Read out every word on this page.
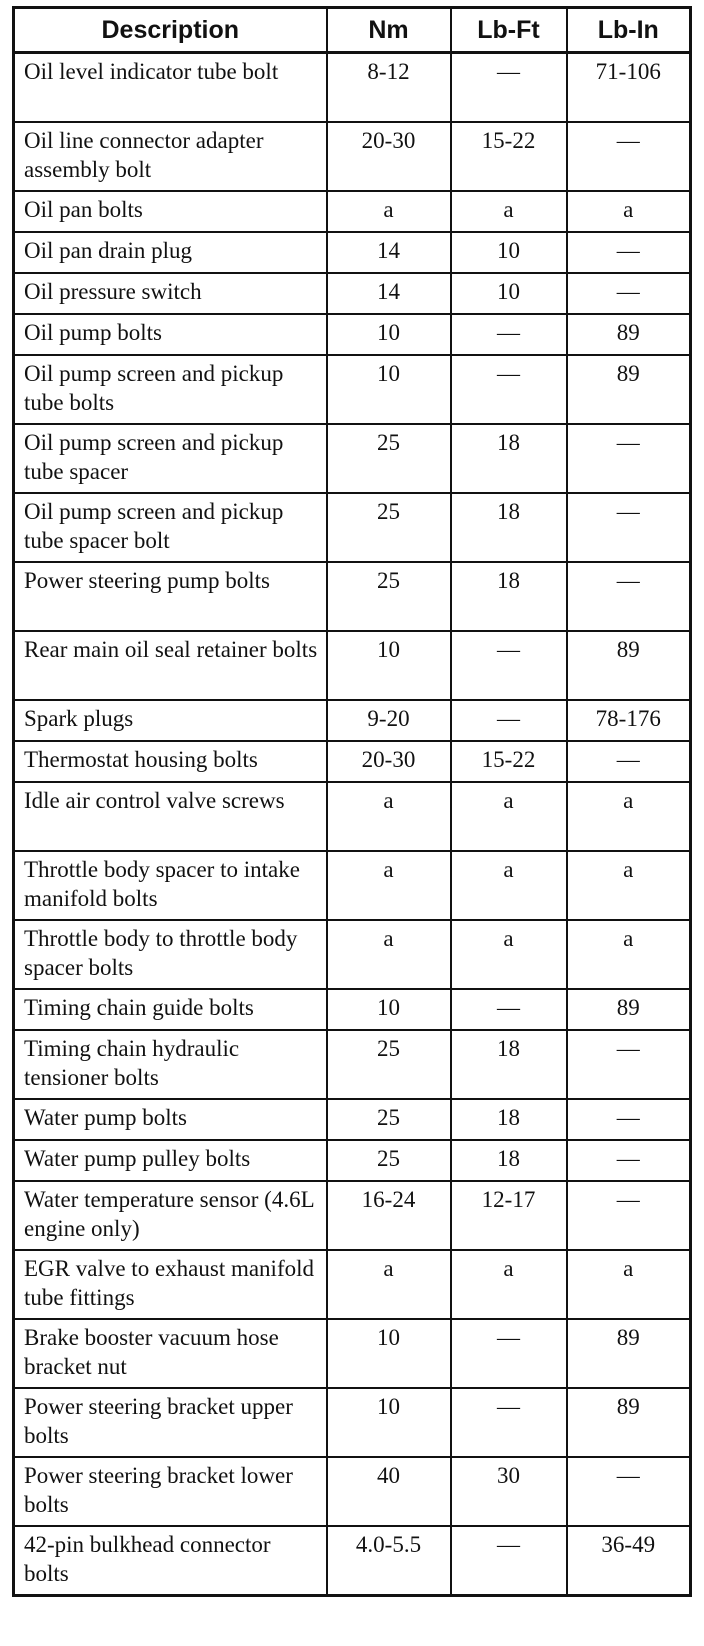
Description	Nm	Lb-Ft	Lb-In
Oil level indicator tube bolt	8-12	—	71-106
Oil line connector adapter assembly bolt	20-30	15-22	—
Oil pan bolts	a	a	a
Oil pan drain plug	14	10	—
Oil pressure switch	14	10	—
Oil pump bolts	10	—	89
Oil pump screen and pickup tube bolts	10	—	89
Oil pump screen and pickup tube spacer	25	18	—
Oil pump screen and pickup tube spacer bolt	25	18	—
Power steering pump bolts	25	18	—
Rear main oil seal retainer bolts	10	—	89
Spark plugs	9-20	—	78-176
Thermostat housing bolts	20-30	15-22	—
Idle air control valve screws	a	a	a
Throttle body spacer to intake manifold bolts	a	a	a
Throttle body to throttle body spacer bolts	a	a	a
Timing chain guide bolts	10	—	89
Timing chain hydraulic tensioner bolts	25	18	—
Water pump bolts	25	18	—
Water pump pulley bolts	25	18	—
Water temperature sensor (4.6L engine only)	16-24	12-17	—
EGR valve to exhaust manifold tube fittings	a	a	a
Brake booster vacuum hose bracket nut	10	—	89
Power steering bracket upper bolts	10	—	89
Power steering bracket lower bolts	40	30	—
42-pin bulkhead connector bolts	4.0-5.5	—	36-49
